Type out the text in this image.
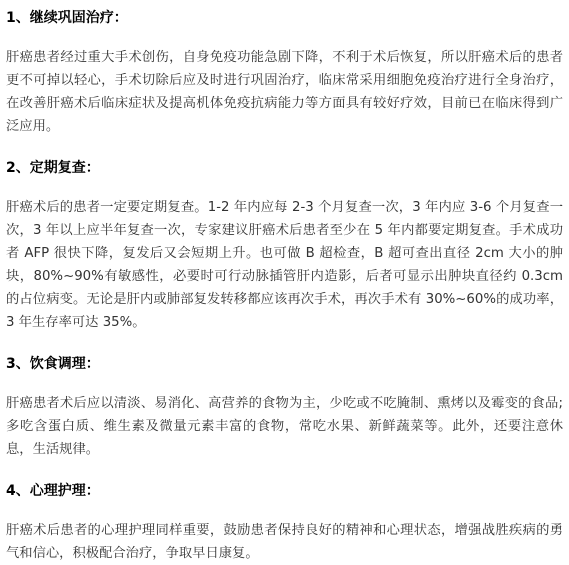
1、继续巩固治疗：

肝癌患者经过重大手术创伤，自身免疫功能急剧下降，不利于术后恢复，所以肝癌术后的患者更不可掉以轻心，手术切除后应及时进行巩固治疗，临床常采用细胞免疫治疗进行全身治疗，在改善肝癌术后临床症状及提高机体免疫抗病能力等方面具有较好疗效，目前已在临床得到广泛应用。

2、定期复查：

肝癌术后的患者一定要定期复查。1-2 年内应每 2-3 个月复查一次，3 年内应 3-6 个月复查一次，3 年以上应半年复查一次，专家建议肝癌术后患者至少在 5 年内都要定期复查。手术成功者 AFP 很快下降，复发后又会短期上升。也可做 B 超检查，B 超可查出直径 2cm 大小的肿块，80%~90%有敏感性，必要时可行动脉插管肝内造影，后者可显示出肿块直径约 0.3cm 的占位病变。无论是肝内或肺部复发转移都应该再次手术，再次手术有 30%~60%的成功率，3 年生存率可达 35%。

3、饮食调理：

肝癌患者术后应以清淡、易消化、高营养的食物为主，少吃或不吃腌制、熏烤以及霉变的食品;多吃含蛋白质、维生素及微量元素丰富的食物，常吃水果、新鲜蔬菜等。此外，还要注意休息，生活规律。

4、心理护理：

肝癌术后患者的心理护理同样重要，鼓励患者保持良好的精神和心理状态，增强战胜疾病的勇气和信心，积极配合治疗，争取早日康复。
